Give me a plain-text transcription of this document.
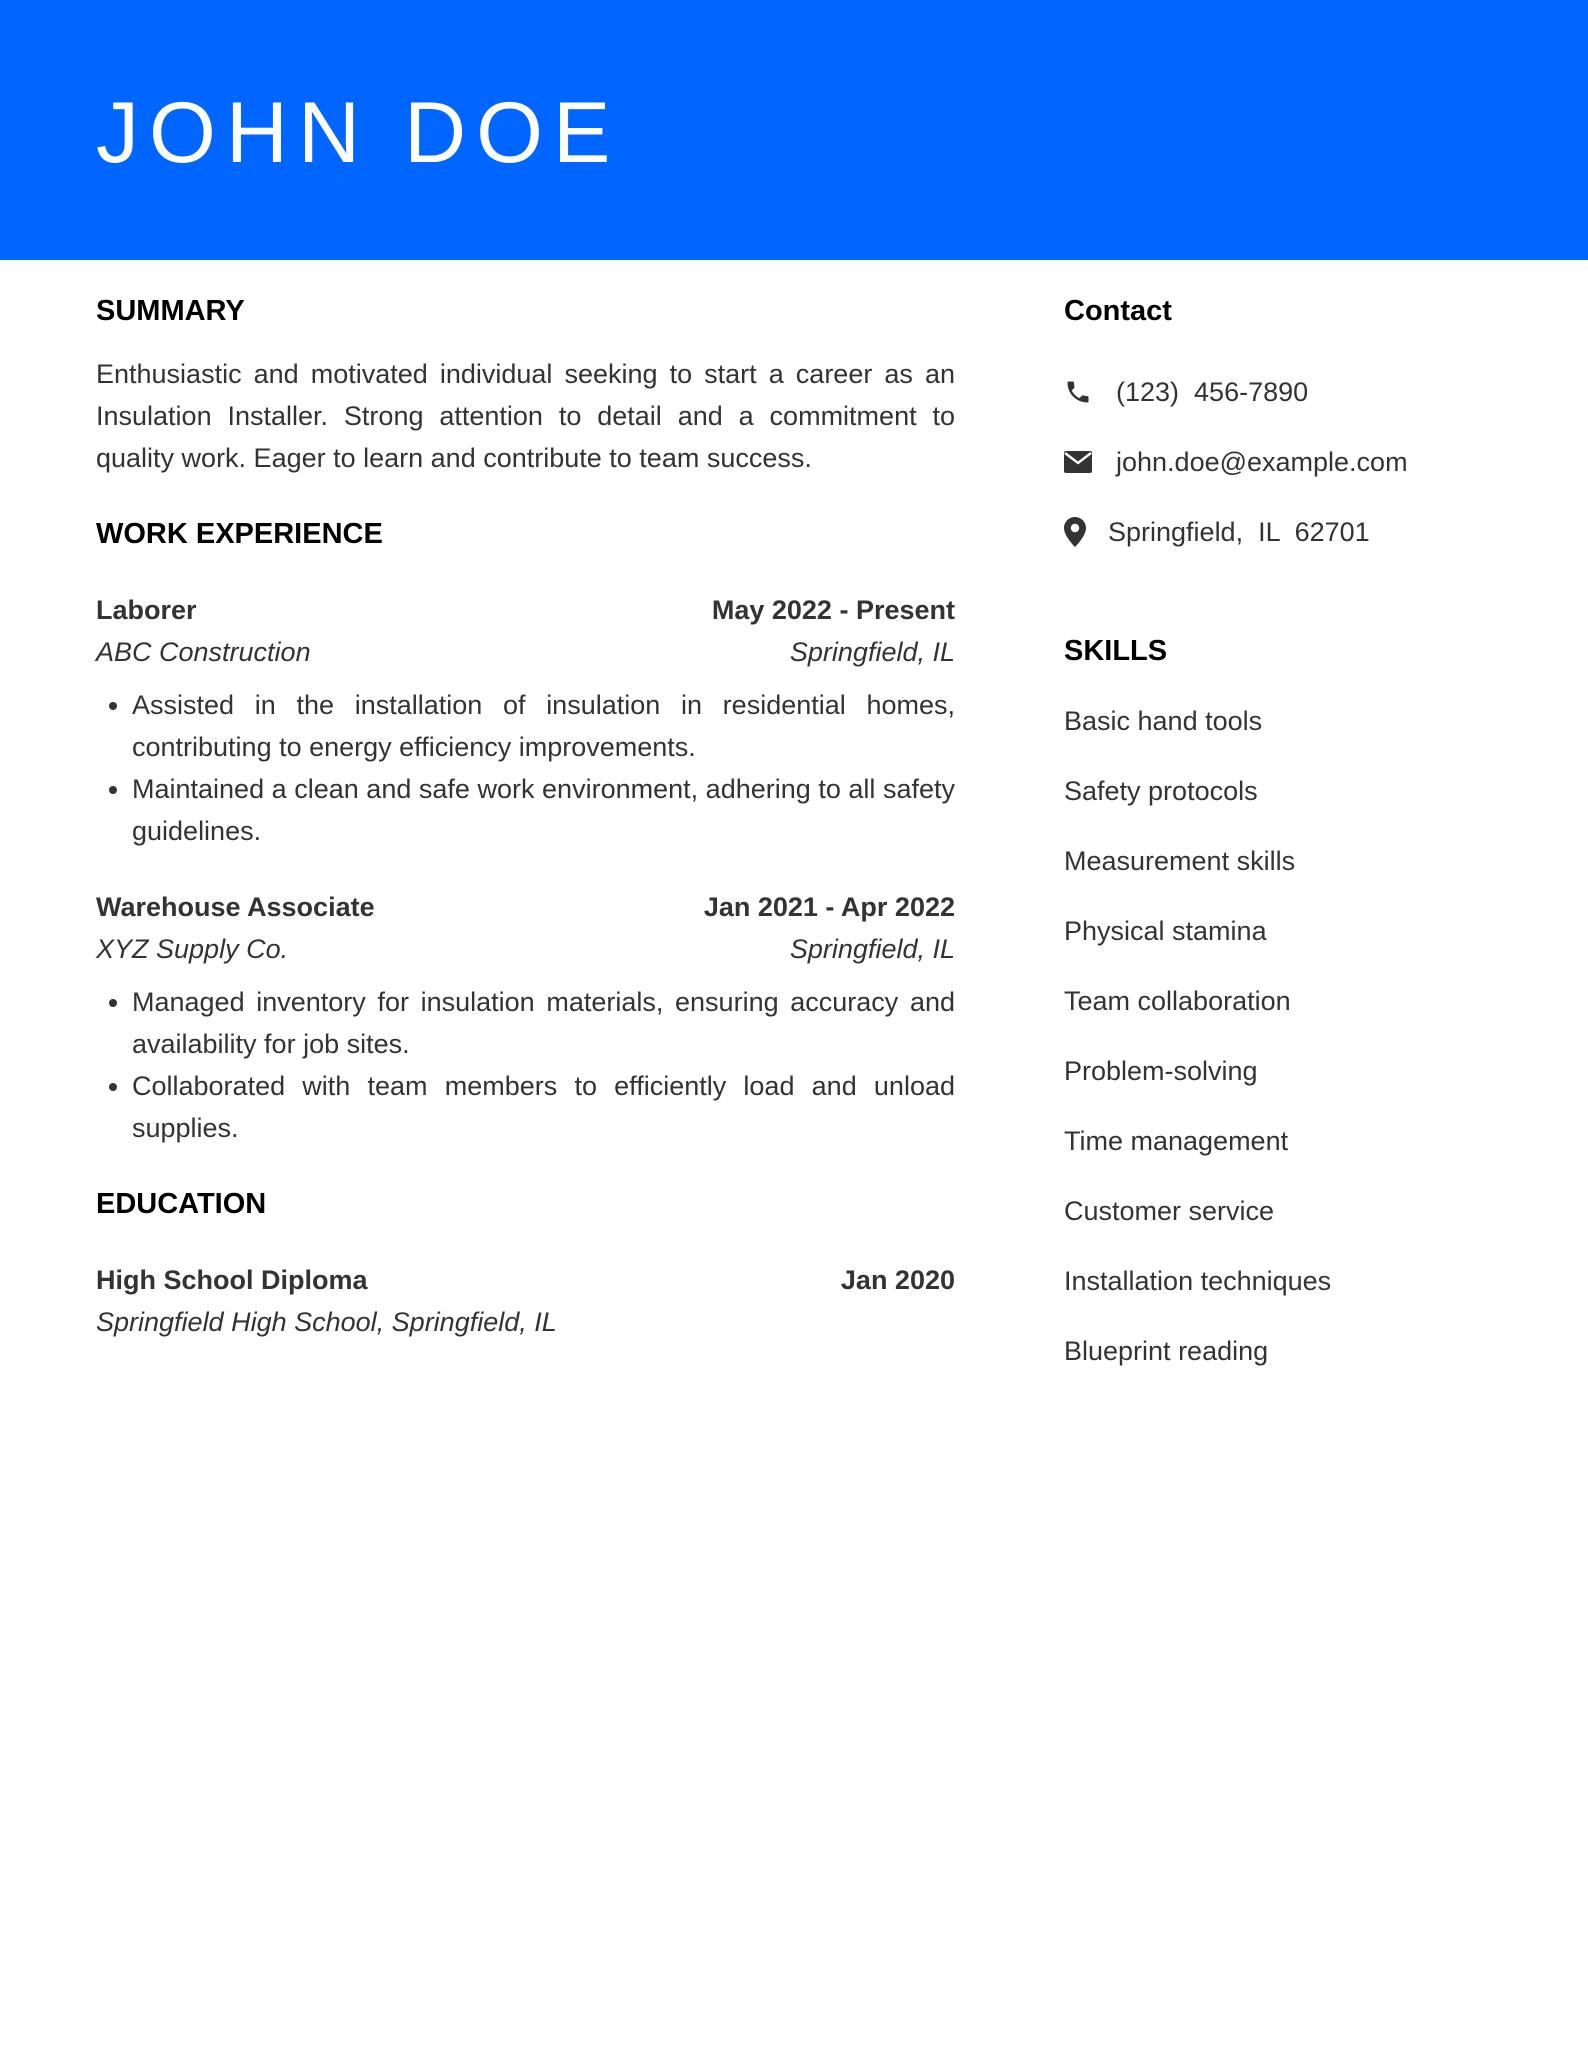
JOHN DOE
SUMMARY

Enthusiastic and motivated individual seeking to start a career as an Insulation Installer. Strong attention to detail and a commitment to quality work. Eager to learn and contribute to team success.

WORK EXPERIENCE
Laborer	May 2022 - Present
ABC Construction	Springfield, IL
• Assisted in the installation of insulation in residential homes, contributing to energy efficiency improvements.
• Maintained a clean and safe work environment, adhering to all safety guidelines.
Warehouse Associate	Jan 2021 - Apr 2022
XYZ Supply Co.	Springfield, IL
• Managed inventory for insulation materials, ensuring accuracy and availability for job sites.
• Collaborated with team members to efficiently load and unload supplies.
EDUCATION
High School Diploma	Jan 2020
Springfield High School, Springfield, IL
Contact
(123)  456-7890
john.doe@example.com
Springfield,  IL  62701
SKILLS
Basic hand tools
Safety protocols
Measurement skills
Physical stamina
Team collaboration
Problem-solving
Time management
Customer service
Installation techniques
Blueprint reading
